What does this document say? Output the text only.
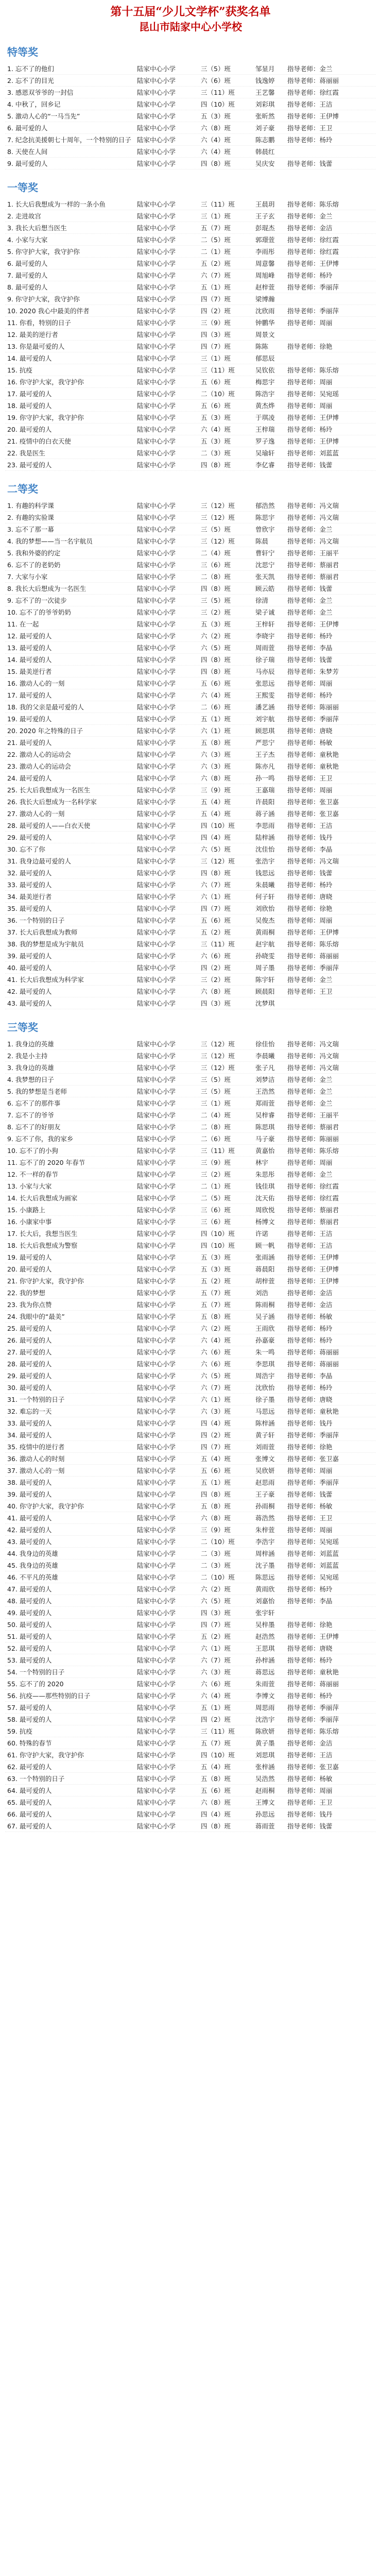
第十五届“少儿文学杯”获奖名单
昆山市陆家中心小学校
特等奖
1. 忘不了的他们	陆家中心小学	三（5）班	邹显月	指导老师：金兰
2. 忘不了的目光	陆家中心小学	六（6）班	钱逸婷	指导老师：蒋丽丽
3. 感恩双爷爷的一封信	陆家中心小学	三（11）班	王艺馨	指导老师：徐红霞
4. 中秋了，回乡记	陆家中心小学	四（10）班	刘彩琪	指导老师：王洁
5. 激动人心的“一马当先”	陆家中心小学	五（3）班	张昕然	指导老师：王伊博
6. 最可爱的人	陆家中心小学	六（8）班	刘子豪	指导老师：王卫
7. 纪念抗美援朝七十周年，一个特别的日子 陆家中心小学	六（4）班	陈志鹏	指导老师：杨玲
8. 天使在人间	陆家中心小学	六（4）班	韩晨红
9. 最可爱的人	陆家中心小学	四（8）班	吴庆安	指导老师：钱蕾
一等奖
1. 长大后我想成为一样的一条小鱼	陆家中心小学	三（11）班	王晨玥	指导老师：陈乐熔
2. 走进故宫	陆家中心小学	三（1）班	王子玄	指导老师：金兰
3. 我长大后想当医生	陆家中心小学	五（7）班	彭琨杰	指导老师：金洁
4. 小家与大家	陆家中心小学	二（5）班	郭璟萱	指导老师：徐红霞
5. 你守护大家，我守护你	陆家中心小学	二（1）班	李雨彤	指导老师：徐红霞
6. 最可爱的人	陆家中心小学	五（2）班	周意馨	指导老师：王伊博
7. 最可爱的人	陆家中心小学	六（7）班	周旭峰	指导老师：杨玲
8. 最可爱的人	陆家中心小学	五（1）班	赵梓萱	指导老师：季丽萍
9. 你守护大家，我守护你	陆家中心小学	四（7）班	梁博瀚
10. 2020 我心中最美的伴者	陆家中心小学	四（2）班	沈欣雨	指导老师：季丽萍
11. 你看，特别的日子	陆家中心小学	三（9）班	钟鹏华	指导老师：周丽
12. 最美的逆行者	陆家中心小学	四（3）班	周景文
13. 你是最可爱的人	陆家中心小学	四（7）班	陈陈	指导老师：徐艳
14. 最可爱的人	陆家中心小学	三（1）班	郁思辰
15. 抗疫	陆家中心小学	三（11）班	吴钦依	指导老师：陈乐熔
16. 你守护大家，我守护你	陆家中心小学	五（6）班	梅思宇	指导老师：周丽
17. 最可爱的人	陆家中心小学	二（10）班	陈浩宇	指导老师：吴宛瑶
18. 最可爱的人	陆家中心小学	五（6）班	黄杰烨	指导老师：周丽
19. 你守护大家，我守护你	陆家中心小学	五（3）班	于琪凌	指导老师：王伊博
20. 最可爱的人	陆家中心小学	六（4）班	王梓瑞	指导老师：杨玲
21. 疫情中的白衣天使	陆家中心小学	五（3）班	罗子逸	指导老师：王伊博
22. 我是医生	陆家中心小学	二（3）班	吴瑜轩	指导老师：刘蓝蓝
23. 最可爱的人	陆家中心小学	四（8）班	李亿睿	指导老师：钱蕾
二等奖
1. 有趣的科学课	陆家中心小学	三（12）班	郁浩然	指导老师：冯文瑞
2. 有趣的实验课	陆家中心小学	三（12）班	陈思宇	指导老师：冯文瑞
3. 忘不了那一幕	陆家中心小学	三（5）班	曾欣宇	指导老师：金兰
4. 我的梦想——当一名宇航员	陆家中心小学	三（12）班	陈晨	指导老师：冯文瑞
5. 我和外婆的约定	陆家中心小学	二（4）班	曹轩宁	指导老师：王丽平
6. 忘不了的老奶奶	陆家中心小学	三（6）班	沈思宁	指导老师：蔡丽君
7. 大家与小家	陆家中心小学	二（8）班	张天凯	指导老师：蔡丽君
8. 我长大后想成为一名医生	陆家中心小学	四（8）班	顾云皓	指导老师：钱蕾
9. 忘不了的一次徒步	陆家中心小学	三（5）班	徐清	指导老师：金兰
10. 忘不了的爷爷奶奶	陆家中心小学	三（2）班	梁子诚	指导老师：金兰
11. 在一起	陆家中心小学	五（3）班	王梓轩	指导老师：王伊博
12. 最可爱的人	陆家中心小学	六（2）班	李晓宇	指导老师：杨玲
13. 最可爱的人	陆家中心小学	六（5）班	周雨萱	指导老师：李晶
14. 最可爱的人	陆家中心小学	四（8）班	徐子瑞	指导老师：钱蕾
15. 最美逆行者	陆家中心小学	四（8）班	马亦辰	指导老师：朱梦芳
16. 激动人心的一刻	陆家中心小学	五（6）班	张思远	指导老师：周丽
17. 最可爱的人	陆家中心小学	六（4）班	王熙雯	指导老师：杨玲
18. 我的父亲是最可爱的人	陆家中心小学	二（6）班	潘艺涵	指导老师：陈丽丽
19. 最可爱的人	陆家中心小学	五（1）班	刘宇航	指导老师：季丽萍
20. 2020 年之特殊的日子	陆家中心小学	六（1）班	顾思琪	指导老师：唐晓
21. 最可爱的人	陆家中心小学	五（8）班	严思宁	指导老师：杨敏
22. 激动人心的运动会	陆家中心小学	六（3）班	王子杰	指导老师：童秋艳
23. 激动人心的运动会	陆家中心小学	六（3）班	陈亦凡	指导老师：童秋艳
24. 最可爱的人	陆家中心小学	六（8）班	孙一鸣	指导老师：王卫
25. 长大后我想成为一名医生	陆家中心小学	三（9）班	王嘉瑞	指导老师：周丽
26. 我长大后想成为一名科学家	陆家中心小学	五（4）班	许晨阳	指导老师：张卫嘉
27. 激动人心的一刻	陆家中心小学	五（4）班	蒋子涵	指导老师：张卫嘉
28. 最可爱的人——白衣天使	陆家中心小学	四（10）班	李思雨	指导老师：王洁
29. 最可爱的人	陆家中心小学	四（4）班	陆梓涵	指导老师：钱丹
30. 忘不了你	陆家中心小学	六（5）班	沈佳怡	指导老师：李晶
31. 我身边最可爱的人	陆家中心小学	三（12）班	张浩宇	指导老师：冯文瑞
32. 最可爱的人	陆家中心小学	四（8）班	钱思远	指导老师：钱蕾
33. 最可爱的人	陆家中心小学	六（7）班	朱晨曦	指导老师：杨玲
34. 最美逆行者	陆家中心小学	六（1）班	何子轩	指导老师：唐晓
35. 最可爱的人	陆家中心小学	四（7）班	刘欣怡	指导老师：徐艳
36. 一个特别的日子	陆家中心小学	五（6）班	吴俊杰	指导老师：周丽
37. 长大后我想成为教师	陆家中心小学	五（2）班	黄雨桐	指导老师：王伊博
38. 我的梦想是成为宇航员	陆家中心小学	三（11）班	赵宇航	指导老师：陈乐熔
39. 最可爱的人	陆家中心小学	六（6）班	孙晓雯	指导老师：蒋丽丽
40. 最可爱的人	陆家中心小学	四（2）班	周子墨	指导老师：季丽萍
41. 长大后我想成为科学家	陆家中心小学	三（2）班	陈宇轩	指导老师：金兰
42. 最可爱的人	陆家中心小学	六（8）班	顾晨阳	指导老师：王卫
43. 最可爱的人	陆家中心小学	四（3）班	沈梦琪
三等奖
1. 我身边的英雄	陆家中心小学	三（12）班	徐佳怡	指导老师：冯文瑞
2. 我是小主持	陆家中心小学	三（12）班	李晨曦	指导老师：冯文瑞
3. 我身边的英雄	陆家中心小学	三（12）班	张子凡	指导老师：冯文瑞
4. 我梦想的日子	陆家中心小学	三（5）班	刘梦洁	指导老师：金兰
5. 我的梦想是当老师	陆家中心小学	三（5）班	王浩然	指导老师：金兰
6. 忘不了的那件事	陆家中心小学	三（1）班	郑雨萱	指导老师：金兰
7. 忘不了的爷爷	陆家中心小学	二（4）班	吴梓睿	指导老师：王丽平
8. 忘不了的好朋友	陆家中心小学	二（8）班	陈思琪	指导老师：蔡丽君
9. 忘不了你，我的家乡	陆家中心小学	二（6）班	马子豪	指导老师：陈丽丽
10. 忘不了的小狗	陆家中心小学	三（11）班	黄嘉怡	指导老师：陈乐熔
11. 忘不了的 2020 年春节	陆家中心小学	三（9）班	林宇	指导老师：周丽
12. 不一样的春节	陆家中心小学	三（2）班	朱思彤	指导老师：金兰
13. 小家与大家	陆家中心小学	二（1）班	钱佳琪	指导老师：徐红霞
14. 长大后我想成为画家	陆家中心小学	二（5）班	沈天佑	指导老师：徐红霞
15. 小康路上	陆家中心小学	三（6）班	周欣悦	指导老师：蔡丽君
16. 小康家中事	陆家中心小学	三（6）班	杨博文	指导老师：蔡丽君
17. 长大后，我想当医生	陆家中心小学	四（10）班	许诺	指导老师：王洁
18. 长大后我想成为警察	陆家中心小学	四（10）班	顾一帆	指导老师：王洁
19. 最可爱的人	陆家中心小学	五（3）班	张雨涵	指导老师：王伊博
20. 最可爱的人	陆家中心小学	五（3）班	蒋晨阳	指导老师：王伊博
21. 你守护大家，我守护你	陆家中心小学	五（2）班	胡梓萱	指导老师：王伊博
22. 我的梦想	陆家中心小学	五（7）班	刘浩	指导老师：金洁
23. 我为你点赞	陆家中心小学	五（7）班	陈雨桐	指导老师：金洁
24. 我眼中的“最美”	陆家中心小学	五（8）班	吴子涵	指导老师：杨敏
25. 最可爱的人	陆家中心小学	六（2）班	王雨欣	指导老师：杨玲
26. 最可爱的人	陆家中心小学	六（4）班	孙嘉豪	指导老师：杨玲
27. 最可爱的人	陆家中心小学	六（6）班	朱一鸣	指导老师：蒋丽丽
28. 最可爱的人	陆家中心小学	六（6）班	李思琪	指导老师：蒋丽丽
29. 最可爱的人	陆家中心小学	六（5）班	周浩宇	指导老师：李晶
30. 最可爱的人	陆家中心小学	六（7）班	沈欣怡	指导老师：杨玲
31. 一个特别的日子	陆家中心小学	六（1）班	徐子墨	指导老师：唐晓
32. 难忘的一天	陆家中心小学	六（3）班	马思远	指导老师：童秋艳
33. 最可爱的人	陆家中心小学	四（4）班	陈梓涵	指导老师：钱丹
34. 最可爱的人	陆家中心小学	四（2）班	黄子轩	指导老师：季丽萍
35. 疫情中的逆行者	陆家中心小学	四（7）班	刘雨萱	指导老师：徐艳
36. 激动人心的时刻	陆家中心小学	五（4）班	张博文	指导老师：张卫嘉
37. 激动人心的一刻	陆家中心小学	五（6）班	吴欣妍	指导老师：周丽
38. 最可爱的人	陆家中心小学	五（1）班	赵思雨	指导老师：季丽萍
39. 最可爱的人	陆家中心小学	四（8）班	王子豪	指导老师：钱蕾
40. 你守护大家，我守护你	陆家中心小学	五（8）班	孙雨桐	指导老师：杨敏
41. 最可爱的人	陆家中心小学	六（8）班	蒋浩然	指导老师：王卫
42. 最可爱的人	陆家中心小学	三（9）班	朱梓萱	指导老师：周丽
43. 最可爱的人	陆家中心小学	二（10）班	李浩宇	指导老师：吴宛瑶
44. 我身边的英雄	陆家中心小学	二（3）班	周梓涵	指导老师：刘蓝蓝
45. 我身边的英雄	陆家中心小学	二（3）班	沈子墨	指导老师：刘蓝蓝
46. 不平凡的英雄	陆家中心小学	二（10）班	陈思远	指导老师：吴宛瑶
47. 最可爱的人	陆家中心小学	六（2）班	黄雨欣	指导老师：杨玲
48. 最可爱的人	陆家中心小学	六（5）班	刘嘉怡	指导老师：李晶
49. 最可爱的人	陆家中心小学	四（3）班	张宇轩
50. 最可爱的人	陆家中心小学	四（7）班	吴梓墨	指导老师：徐艳
51. 最可爱的人	陆家中心小学	五（2）班	赵浩然	指导老师：王伊博
52. 最可爱的人	陆家中心小学	六（1）班	王思琪	指导老师：唐晓
53. 最可爱的人	陆家中心小学	六（7）班	孙梓涵	指导老师：杨玲
54. 一个特别的日子	陆家中心小学	六（3）班	蒋思远	指导老师：童秋艳
55. 忘不了的 2020	陆家中心小学	六（6）班	朱雨萱	指导老师：蒋丽丽
56. 抗疫——那些特别的日子	陆家中心小学	六（4）班	李博文	指导老师：杨玲
57. 最可爱的人	陆家中心小学	五（1）班	周思雨	指导老师：季丽萍
58. 最可爱的人	陆家中心小学	四（2）班	沈浩宇	指导老师：季丽萍
59. 抗疫	陆家中心小学	三（11）班	陈欣妍	指导老师：陈乐熔
60. 特殊的春节	陆家中心小学	五（7）班	黄子墨	指导老师：金洁
61. 你守护大家，我守护你	陆家中心小学	四（10）班	刘思琪	指导老师：王洁
62. 最可爱的人	陆家中心小学	五（4）班	张梓涵	指导老师：张卫嘉
63. 一个特别的日子	陆家中心小学	五（8）班	吴浩然	指导老师：杨敏
64. 最可爱的人	陆家中心小学	五（6）班	赵雨桐	指导老师：周丽
65. 最可爱的人	陆家中心小学	六（8）班	王博文	指导老师：王卫
66. 最可爱的人	陆家中心小学	四（4）班	孙思远	指导老师：钱丹
67. 最可爱的人	陆家中心小学	四（8）班	蒋雨萱	指导老师：钱蕾
